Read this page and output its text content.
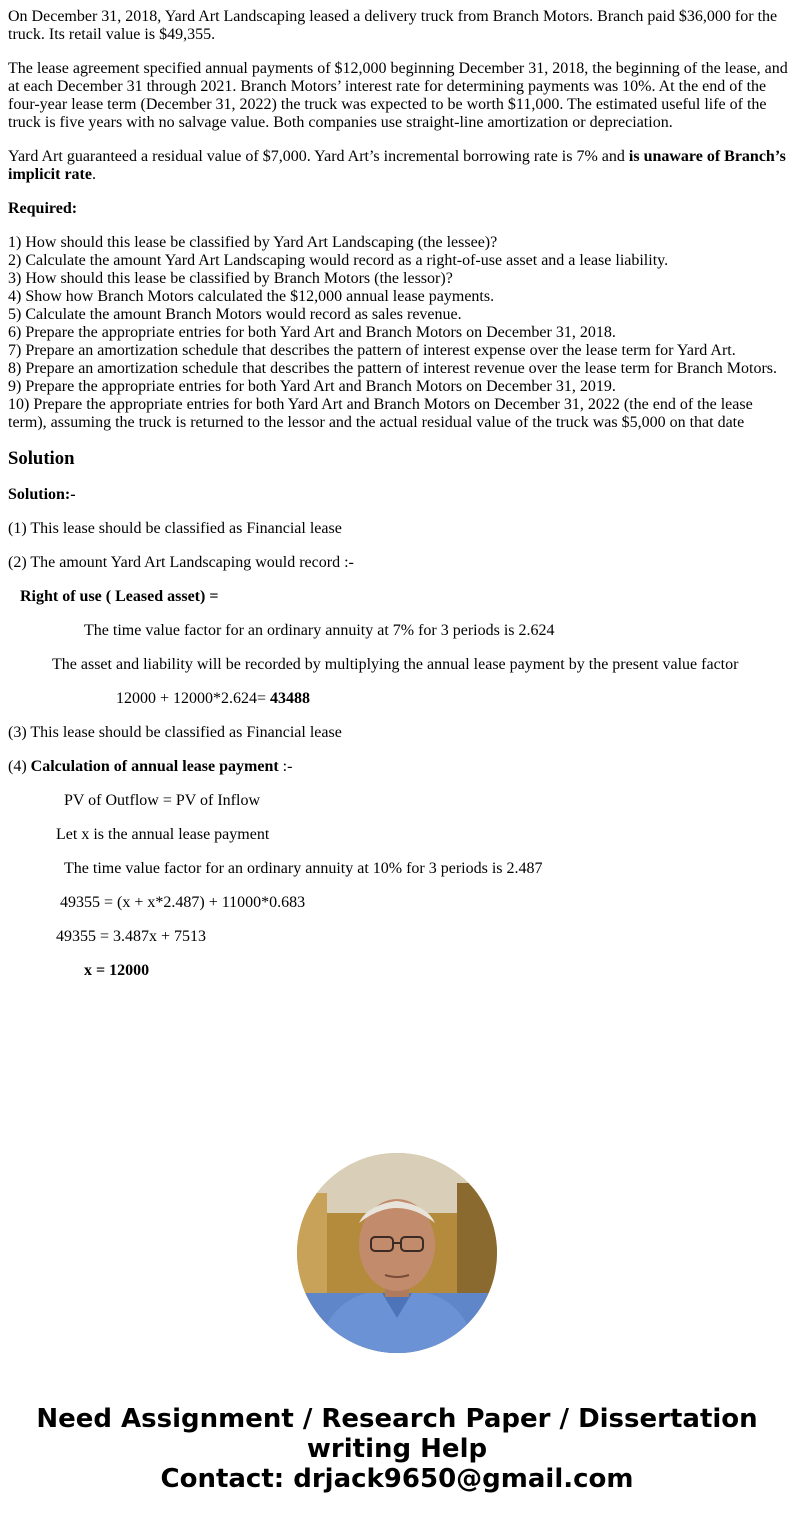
On December 31, 2018, Yard Art Landscaping leased a delivery truck from Branch Motors. Branch paid $36,000 for the truck. Its retail value is $49,355.

The lease agreement specified annual payments of $12,000 beginning December 31, 2018, the beginning of the lease, and at each December 31 through 2021. Branch Motors’ interest rate for determining payments was 10%. At the end of the four-year lease term (December 31, 2022) the truck was expected to be worth $11,000. The estimated useful life of the truck is five years with no salvage value. Both companies use straight-line amortization or depreciation.

Yard Art guaranteed a residual value of $7,000. Yard Art’s incremental borrowing rate is 7% and is unaware of Branch’s implicit rate.

Required:

1) How should this lease be classified by Yard Art Landscaping (the lessee)?
2) Calculate the amount Yard Art Landscaping would record as a right-of-use asset and a lease liability.
3) How should this lease be classified by Branch Motors (the lessor)?
4) Show how Branch Motors calculated the $12,000 annual lease payments.
5) Calculate the amount Branch Motors would record as sales revenue.
6) Prepare the appropriate entries for both Yard Art and Branch Motors on December 31, 2018.
7) Prepare an amortization schedule that describes the pattern of interest expense over the lease term for Yard Art.
8) Prepare an amortization schedule that describes the pattern of interest revenue over the lease term for Branch Motors.
9) Prepare the appropriate entries for both Yard Art and Branch Motors on December 31, 2019.
10) Prepare the appropriate entries for both Yard Art and Branch Motors on December 31, 2022 (the end of the lease term), assuming the truck is returned to the lessor and the actual residual value of the truck was $5,000 on that date
Solution

Solution:-

(1) This lease should be classified as Financial lease

(2) The amount Yard Art Landscaping would record :-

Right of use ( Leased asset) =

The time value factor for an ordinary annuity at 7% for 3 periods is 2.624

The asset and liability will be recorded by multiplying the annual lease payment by the present value factor

12000 + 12000*2.624= 43488

(3) This lease should be classified as Financial lease

(4) Calculation of annual lease payment :-

PV of Outflow = PV of Inflow

Let x is the annual lease payment

The time value factor for an ordinary annuity at 10% for 3 periods is 2.487

49355 = (x + x*2.487) + 11000*0.683

49355 = 3.487x + 7513

x = 12000

Need Assignment / Research Paper / Dissertation
writing Help
Contact: drjack9650@gmail.com
